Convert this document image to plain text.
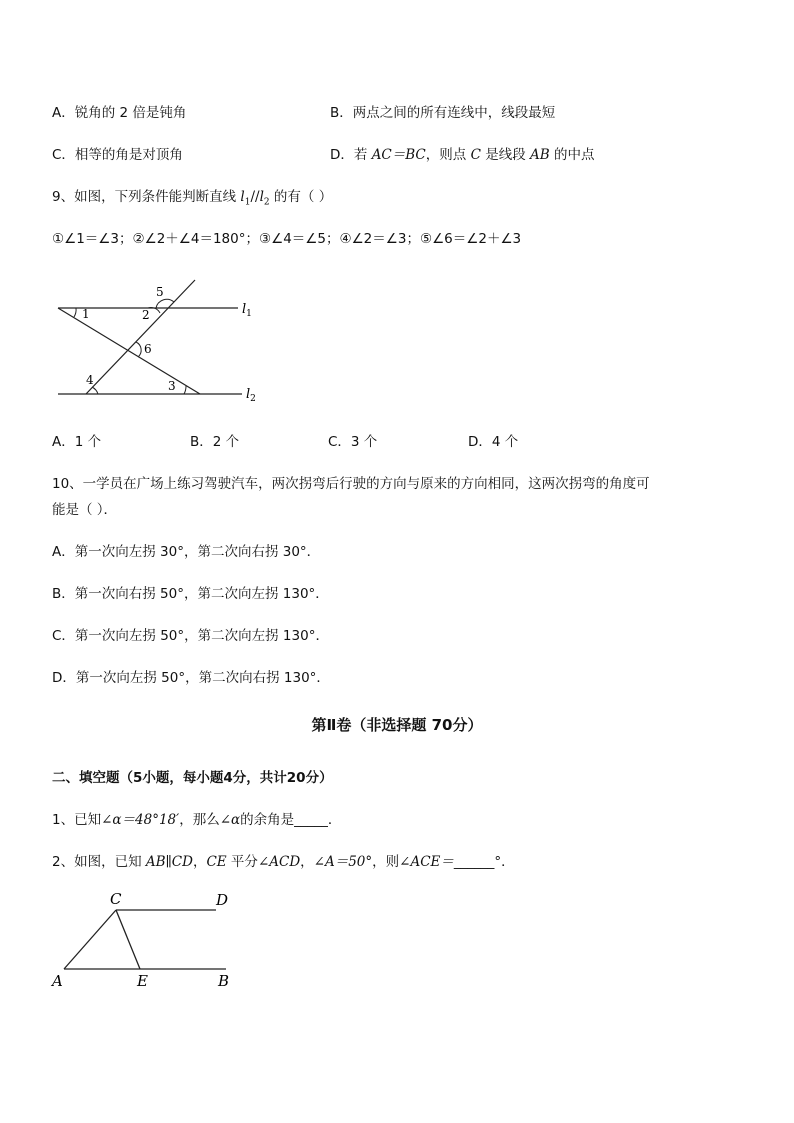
A．锐角的 2 倍是钝角	B．两点之间的所有连线中，线段最短
C．相等的角是对顶角	D．若 AC＝BC，则点 C 是线段 AB 的中点
9、如图，下列条件能判断直线 $l_1//l_2$ 的有（ ）
①∠1＝∠3；②∠2＋∠4＝180°；③∠4＝∠5；④∠2＝∠3；⑤∠6＝∠2＋∠3
1	2
5
6
4	3
$l_1$
$l_2$
A．1 个	B．2 个	C．3 个	D．4 个
10、一学员在广场上练习驾驶汽车，两次拐弯后行驶的方向与原来的方向相同，这两次拐弯的角度可
能是（ ）．
A．第一次向左拐 30°，第二次向右拐 30°．
B．第一次向右拐 50°，第二次向左拐 130°．
C．第一次向左拐 50°，第二次向左拐 130°．
D．第一次向左拐 50°，第二次向右拐 130°．
第Ⅱ卷（非选择题 70分）
二、填空题（5小题，每小题4分，共计20分）
1、已知∠α＝48°18′，那么∠α的余角是_____．
2、如图，已知 AB∥CD，CE 平分∠ACD，∠A＝50°，则∠ACE＝______°．
C	D
A	E	B
